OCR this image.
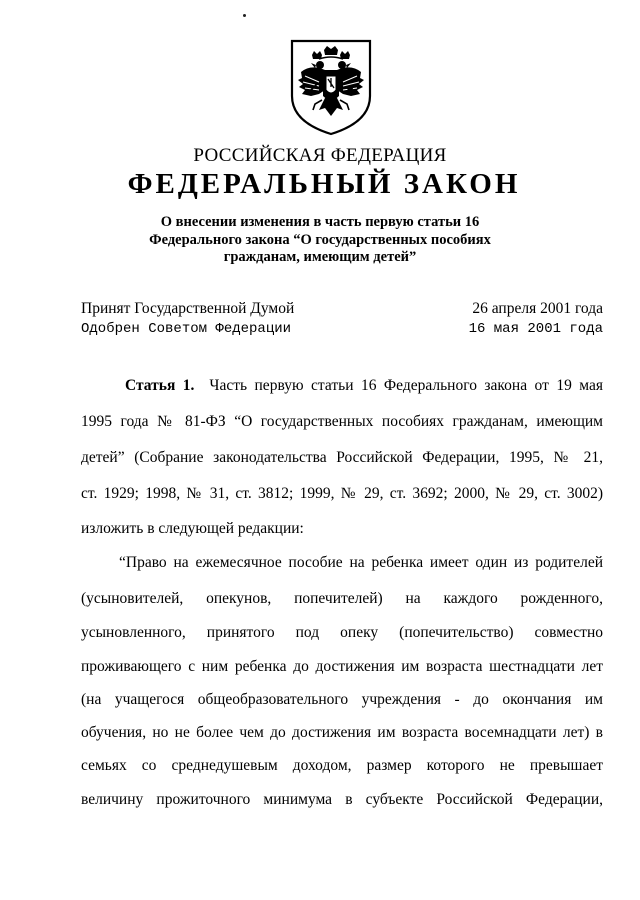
РОССИЙСКАЯ ФЕДЕРАЦИЯ
ФЕДЕРАЛЬНЫЙ ЗАКОН
О внесении изменения в часть первую статьи 16
Федерального закона “О государственных пособиях
гражданам, имеющим детей”
Принят Государственной Думой	26 апреля 2001 года
Одобрен Советом Федерации	16 мая 2001 года
Статья 1. Часть первую статьи 16 Федерального закона от 19 мая
1995 года № 81-ФЗ “О государственных пособиях гражданам, имеющим
детей” (Собрание законодательства Российской Федерации, 1995, № 21,
ст. 1929; 1998, № 31, ст. 3812; 1999, № 29, ст. 3692; 2000, № 29, ст. 3002)
изложить в следующей редакции:
“Право на ежемесячное пособие на ребенка имеет один из родителей
(усыновителей, опекунов, попечителей) на каждого рожденного,
усыновленного, принятого под опеку (попечительство) совместно
проживающего с ним ребенка до достижения им возраста шестнадцати лет
(на учащегося общеобразовательного учреждения - до окончания им
обучения, но не более чем до достижения им возраста восемнадцати лет) в
семьях со среднедушевым доходом, размер которого не превышает
величину прожиточного минимума в субъекте Российской Федерации,
